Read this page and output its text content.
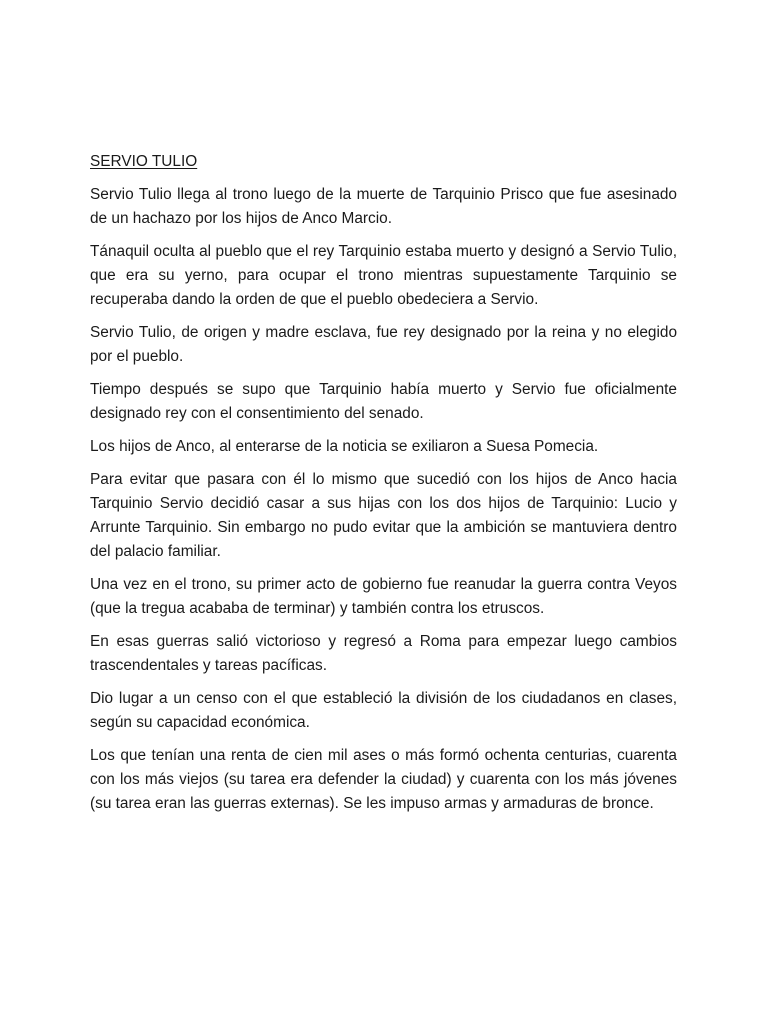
SERVIO TULIO

Servio Tulio llega al trono luego de la muerte de Tarquinio Prisco que fue asesinado de un hachazo por los hijos de Anco Marcio.

Tánaquil oculta al pueblo que el rey Tarquinio estaba muerto y designó a Servio Tulio, que era su yerno, para ocupar el trono mientras supuestamente Tarquinio se recuperaba dando la orden de que el pueblo obedeciera a Servio.

Servio Tulio, de origen y madre esclava, fue rey designado por la reina y no elegido por el pueblo.

Tiempo después se supo que Tarquinio había muerto y Servio fue oficialmente designado rey con el consentimiento del senado.

Los hijos de Anco, al enterarse de la noticia se exiliaron a Suesa Pomecia.

Para evitar que pasara con él lo mismo que sucedió con los hijos de Anco hacia Tarquinio Servio decidió casar a sus hijas con los dos hijos de Tarquinio: Lucio y Arrunte Tarquinio. Sin embargo no pudo evitar que la ambición se mantuviera dentro del palacio familiar.

Una vez en el trono, su primer acto de gobierno fue reanudar la guerra contra Veyos (que la tregua acababa de terminar) y también contra los etruscos.

En esas guerras salió victorioso y regresó a Roma para empezar luego cambios trascendentales y tareas pacíficas.

Dio lugar a un censo con el que estableció la división de los ciudadanos en clases, según su capacidad económica.

Los que tenían una renta de cien mil ases o más formó ochenta centurias, cuarenta con los más viejos (su tarea era defender la ciudad) y cuarenta con los más jóvenes (su tarea eran las guerras externas). Se les impuso armas y armaduras de bronce.
